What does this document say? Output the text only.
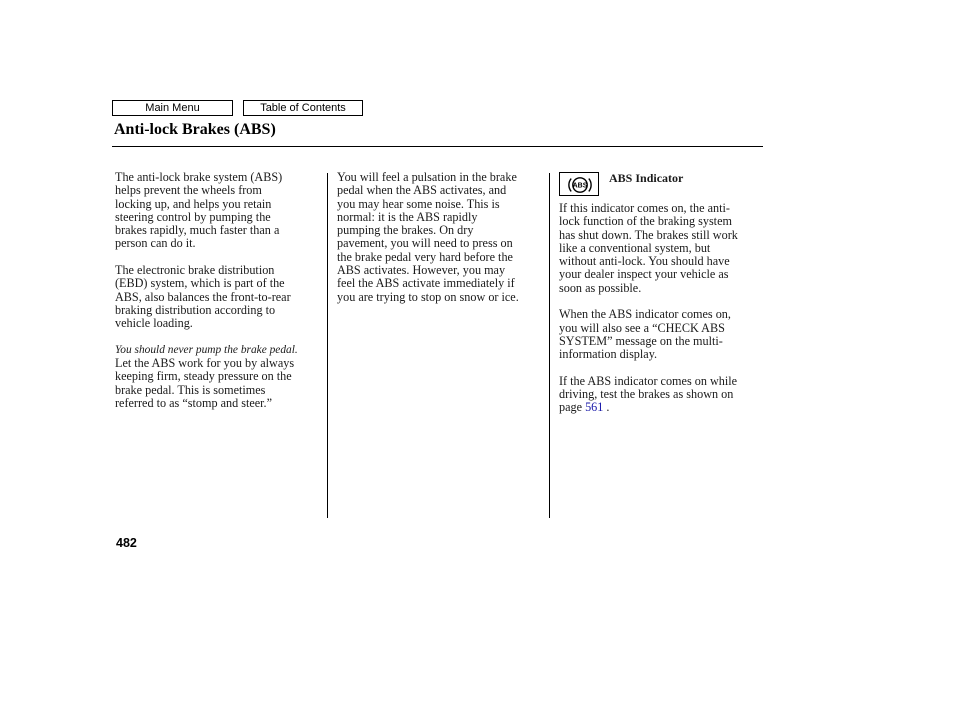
Main Menu	Table of Contents
Anti-lock Brakes (ABS)

The anti-lock brake system (ABS)
helps prevent the wheels from
locking up, and helps you retain
steering control by pumping the
brakes rapidly, much faster than a
person can do it.

The electronic brake distribution
(EBD) system, which is part of the
ABS, also balances the front-to-rear
braking distribution according to
vehicle loading.

You should never pump the brake pedal.

Let the ABS work for you by always
keeping firm, steady pressure on the
brake pedal. This is sometimes
referred to as “stomp and steer.”

You will feel a pulsation in the brake
pedal when the ABS activates, and
you may hear some noise. This is
normal: it is the ABS rapidly
pumping the brakes. On dry
pavement, you will need to press on
the brake pedal very hard before the
ABS activates. However, you may
feel the ABS activate immediately if
you are trying to stop on snow or ice.

ABS
ABS Indicator

If this indicator comes on, the anti-
lock function of the braking system
has shut down. The brakes still work
like a conventional system, but
without anti-lock. You should have
your dealer inspect your vehicle as
soon as possible.

When the ABS indicator comes on,
you will also see a “CHECK ABS
SYSTEM” message on the multi-
information display.

If the ABS indicator comes on while
driving, test the brakes as shown on
page 561 .

482
